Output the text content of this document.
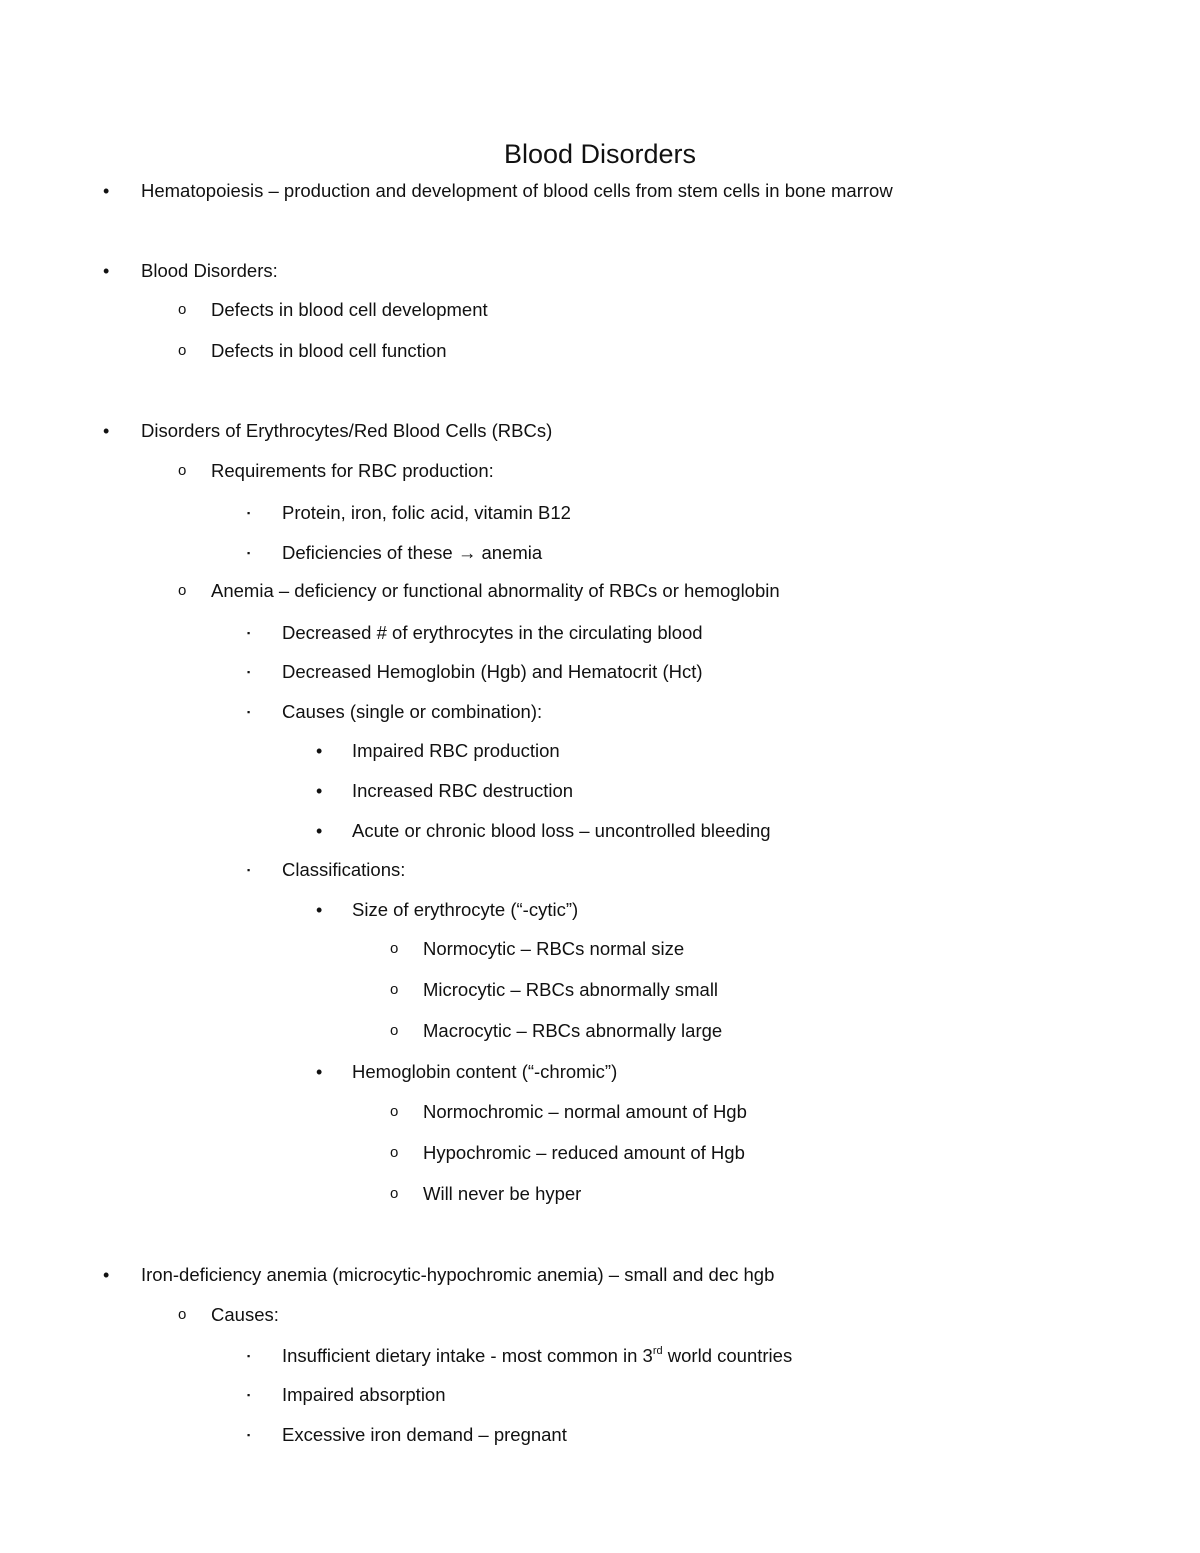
Blood Disorders
• Hematopoiesis – production and development of blood cells from stem cells in bone marrow
• Blood Disorders:
o Defects in blood cell development
o Defects in blood cell function
• Disorders of Erythrocytes/Red Blood Cells (RBCs)
o Requirements for RBC production:
▪ Protein, iron, folic acid, vitamin B12
▪ Deficiencies of these → anemia
o Anemia – deficiency or functional abnormality of RBCs or hemoglobin
▪ Decreased # of erythrocytes in the circulating blood
▪ Decreased Hemoglobin (Hgb) and Hematocrit (Hct)
▪ Causes (single or combination):
• Impaired RBC production
• Increased RBC destruction
• Acute or chronic blood loss – uncontrolled bleeding
▪ Classifications:
• Size of erythrocyte (“-cytic”)
o Normocytic – RBCs normal size
o Microcytic – RBCs abnormally small
o Macrocytic – RBCs abnormally large
• Hemoglobin content (“-chromic”)
o Normochromic – normal amount of Hgb
o Hypochromic – reduced amount of Hgb
o Will never be hyper
• Iron-deficiency anemia (microcytic-hypochromic anemia) – small and dec hgb
o Causes:
▪ Insufficient dietary intake - most common in 3rd world countries
▪ Impaired absorption
▪ Excessive iron demand – pregnant
